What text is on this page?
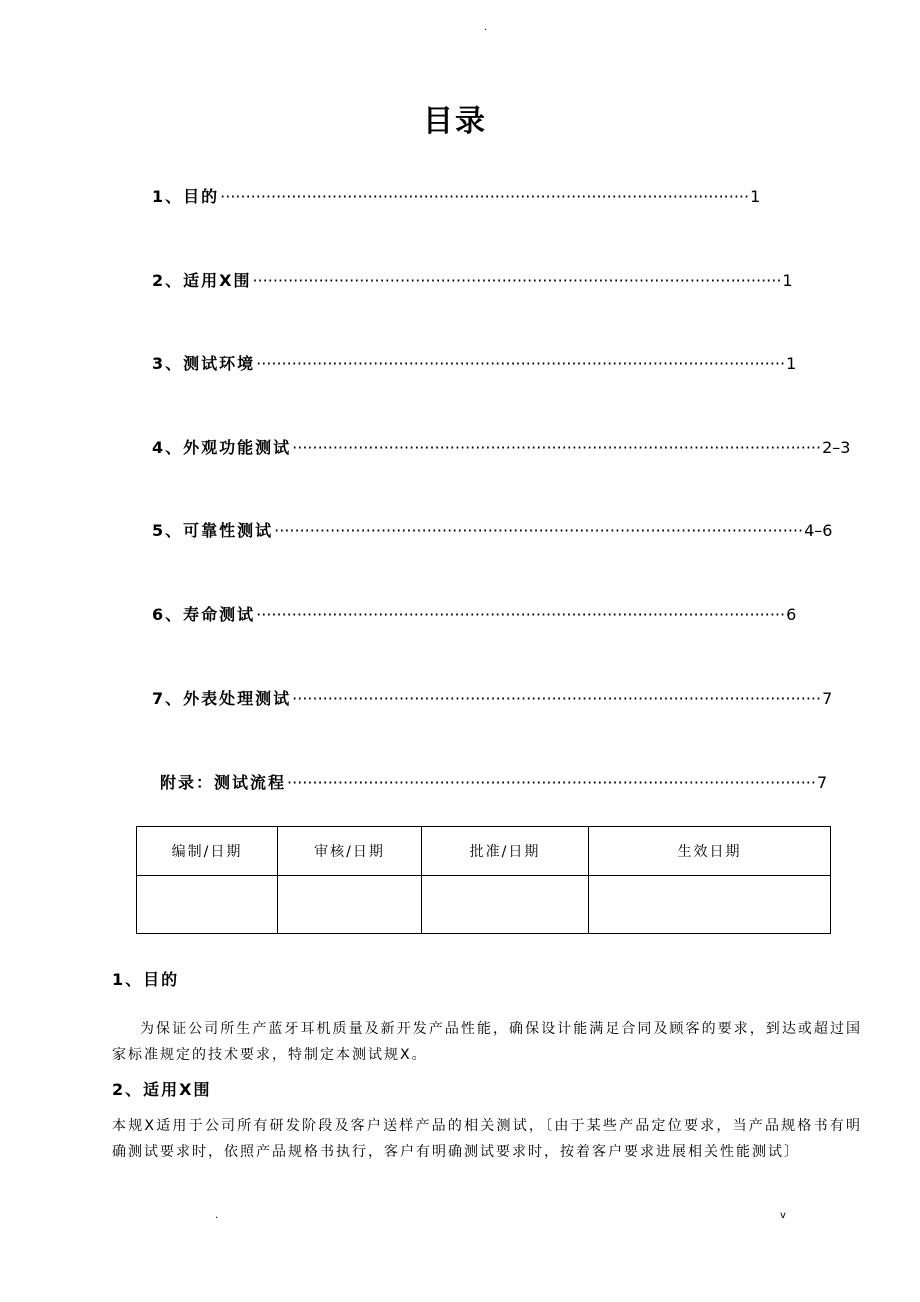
.
目录
1、目的 ········································································································ 1
2、适用X围 ········································································································ 1
3、测试环境 ········································································································ 1
4、外观功能测试 ········································································································ 2–3
5、可靠性测试 ········································································································ 4–6
6、寿命测试 ········································································································ 6
7、外表处理测试 ········································································································ 7
附录：测试流程 ········································································································ 7
编制/日期	审核/日期	批准/日期	生效日期

1、目的
为保证公司所生产蓝牙耳机质量及新开发产品性能，确保设计能满足合同及顾客的要求，到达或超过国家标准规定的技术要求，特制定本测试规X。
2、适用X围
本规X适用于公司所有研发阶段及客户送样产品的相关测试，〔由于某些产品定位要求，当产品规格书有明确测试要求时，依照产品规格书执行，客户有明确测试要求时，按着客户要求进展相关性能测试〕
.	v
